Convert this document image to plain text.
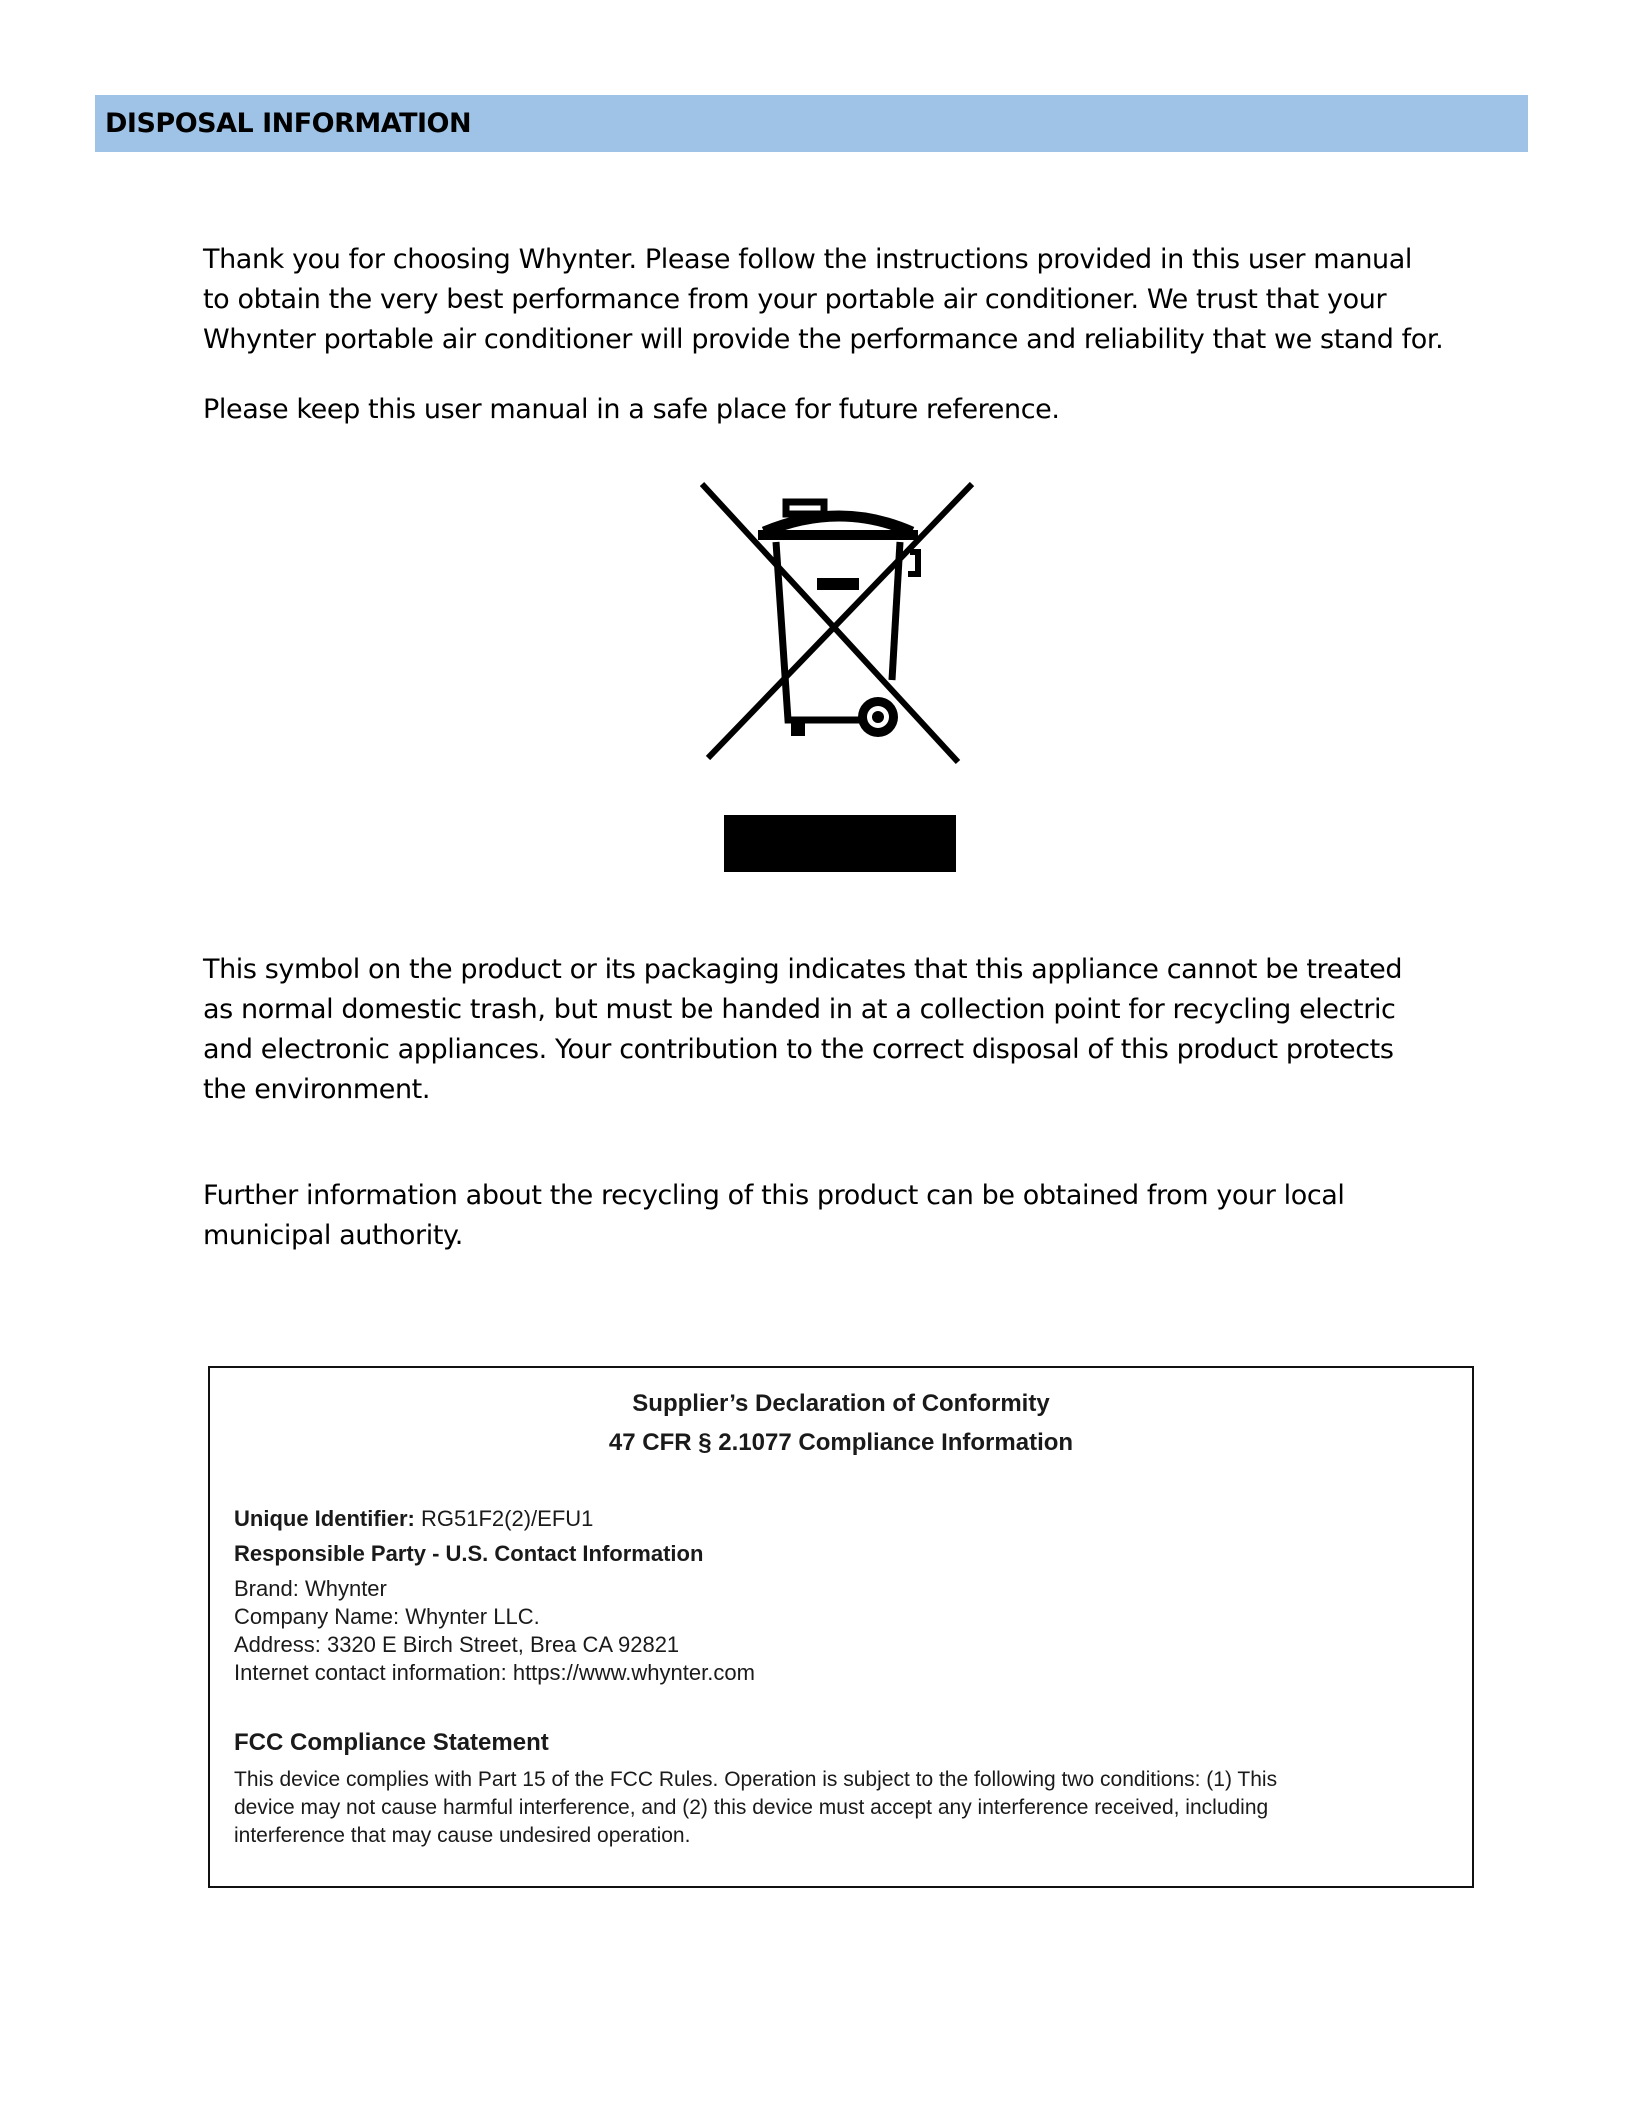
DISPOSAL INFORMATION

Thank you for choosing Whynter. Please follow the instructions provided in this user manual
to obtain the very best performance from your portable air conditioner. We trust that your
Whynter portable air conditioner will provide the performance and reliability that we stand for.

Please keep this user manual in a safe place for future reference.

This symbol on the product or its packaging indicates that this appliance cannot be treated
as normal domestic trash, but must be handed in at a collection point for recycling electric
and electronic appliances. Your contribution to the correct disposal of this product protects
the environment.

Further information about the recycling of this product can be obtained from your local
municipal authority.

Supplier’s Declaration of Conformity
47 CFR § 2.1077 Compliance Information
Unique Identifier: RG51F2(2)/EFU1
Responsible Party - U.S. Contact Information
Brand: Whynter
Company Name: Whynter LLC.
Address: 3320 E Birch Street, Brea CA 92821
Internet contact information: https://www.whynter.com
FCC Compliance Statement

This device complies with Part 15 of the FCC Rules. Operation is subject to the following two conditions: (1) This
device may not cause harmful interference, and (2) this device must accept any interference received, including
interference that may cause undesired operation.
